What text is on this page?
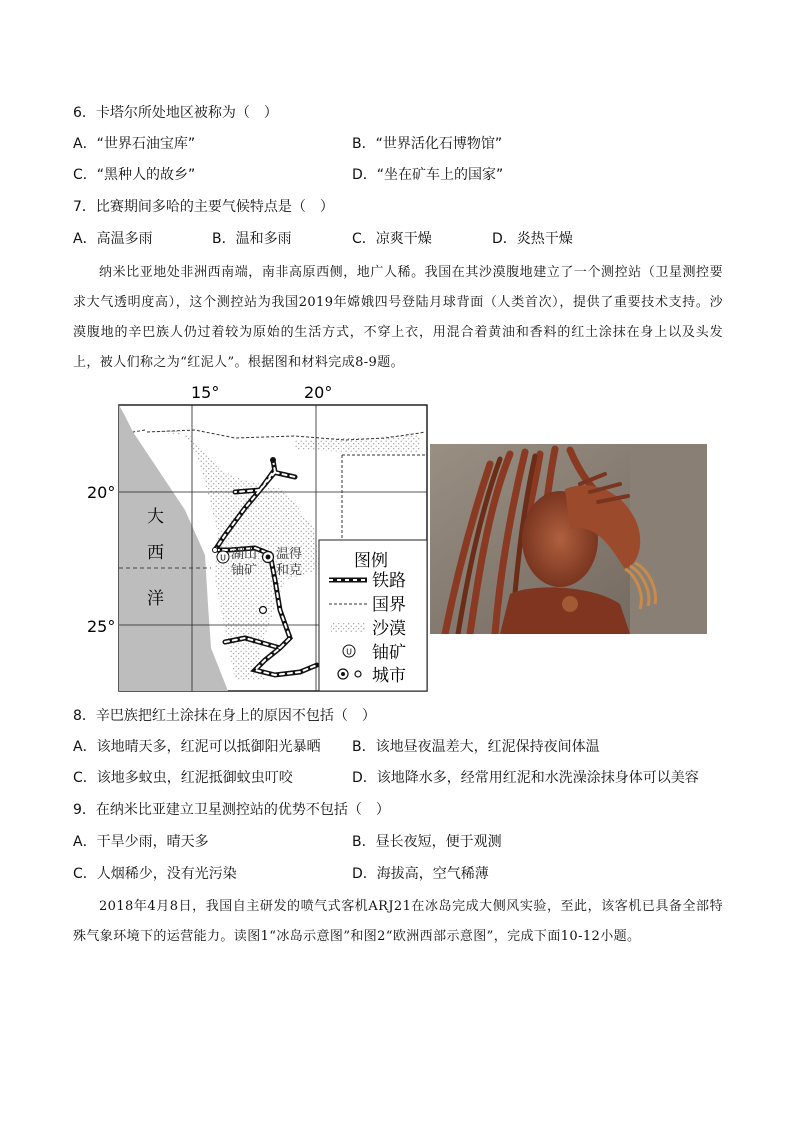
6．卡塔尔所处地区被称为（　）
A．“世界石油宝库”	B．“世界活化石博物馆”
C．“黑种人的故乡”	D．“坐在矿车上的国家”
7．比赛期间多哈的主要气候特点是（　）
A．高温多雨	B．温和多雨	C．凉爽干燥	D．炎热干燥
纳米比亚地处非洲西南端，南非高原西侧，地广人稀。我国在其沙漠腹地建立了一个测控站（卫星测控要求大气透明度高），这个测控站为我国2019年嫦娥四号登陆月球背面（人类首次），提供了重要技术支持。沙漠腹地的辛巴族人仍过着较为原始的生活方式，不穿上衣，用混合着黄油和香料的红土涂抹在身上以及头发上，被人们称之为“红泥人”。根据图和材料完成8-9题。
15°	20°
20°
25°
U 湖山
铀矿
温得
和克
大
西
洋
图例
铁路
国界
沙漠
U 铀矿
城市
8．辛巴族把红土涂抹在身上的原因不包括（　）
A．该地晴天多，红泥可以抵御阳光暴晒 B．该地昼夜温差大，红泥保持夜间体温
C．该地多蚊虫，红泥抵御蚊虫叮咬	D．该地降水多，经常用红泥和水洗澡涂抹身体可以美容
9．在纳米比亚建立卫星测控站的优势不包括（　）
A．干旱少雨，晴天多	B．昼长夜短，便于观测
C．人烟稀少，没有光污染	D．海拔高，空气稀薄
2018年4月8日，我国自主研发的喷气式客机ARJ21在冰岛完成大侧风实验，至此，该客机已具备全部特殊气象环境下的运营能力。读图1“冰岛示意图”和图2“欧洲西部示意图”，完成下面10-12小题。
